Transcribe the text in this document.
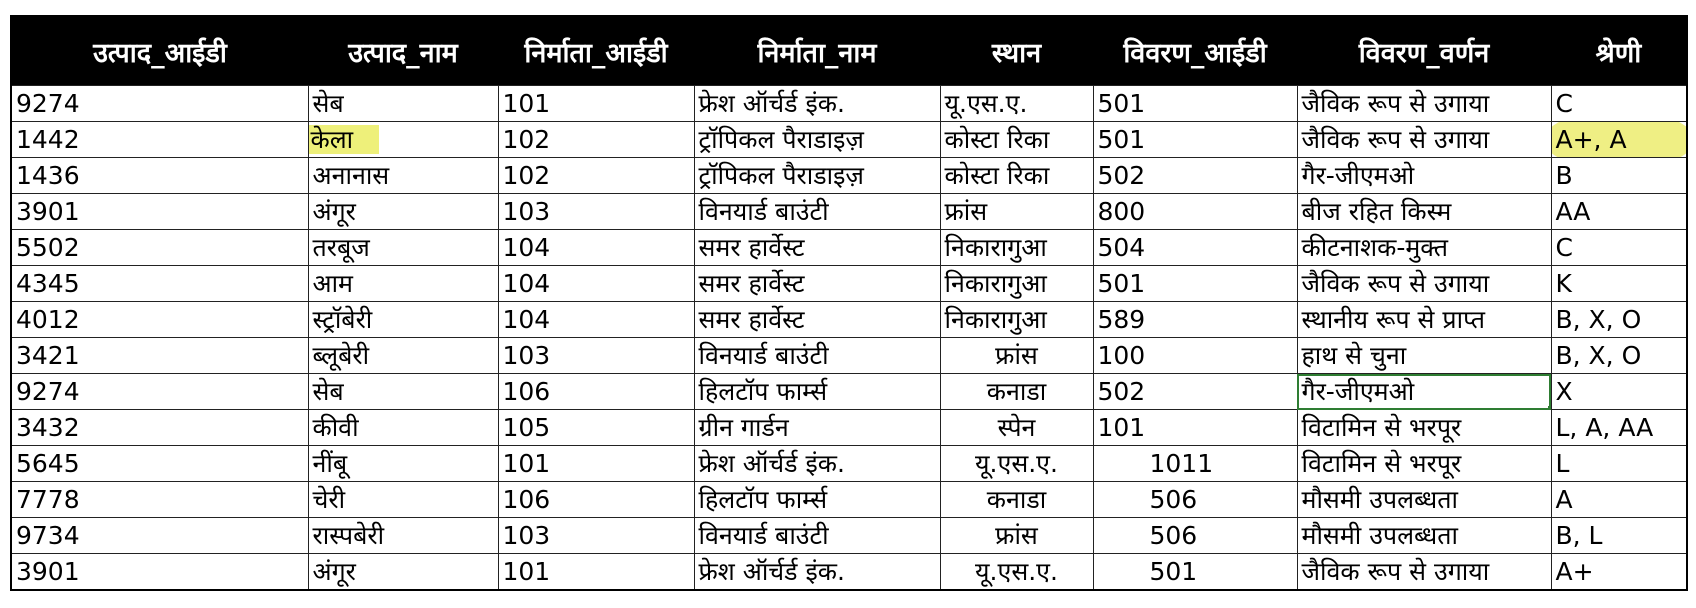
उत्पाद_आईडी	उत्पाद_नाम	निर्माता_आईडी	निर्माता_नाम	स्थान	विवरण_आईडी	विवरण_वर्णन	श्रेणी
9274	सेब	101	फ्रेश ऑर्चर्ड इंक.	यू.एस.ए.	501	जैविक रूप से उगाया	C
1442	केला	102	ट्रॉपिकल पैराडाइज़	कोस्टा रिका	501	जैविक रूप से उगाया	A+, A
1436	अनानास	102	ट्रॉपिकल पैराडाइज़	कोस्टा रिका	502	गैर-जीएमओ	B
3901	अंगूर	103	विनयार्ड बाउंटी	फ्रांस	800	बीज रहित किस्म	AA
5502	तरबूज	104	समर हार्वेस्ट	निकारागुआ	504	कीटनाशक-मुक्त	C
4345	आम	104	समर हार्वेस्ट	निकारागुआ	501	जैविक रूप से उगाया	K
4012	स्ट्रॉबेरी	104	समर हार्वेस्ट	निकारागुआ	589	स्थानीय रूप से प्राप्त	B, X, O
3421	ब्लूबेरी	103	विनयार्ड बाउंटी	फ्रांस	100	हाथ से चुना	B, X, O
9274	सेब	106	हिलटॉप फार्म्स	कनाडा	502	गैर-जीएमओ	X
3432	कीवी	105	ग्रीन गार्डन	स्पेन	101	विटामिन से भरपूर	L, A, AA
5645	नींबू	101	फ्रेश ऑर्चर्ड इंक.	यू.एस.ए.	1011	विटामिन से भरपूर	L
7778	चेरी	106	हिलटॉप फार्म्स	कनाडा	506	मौसमी उपलब्धता	A
9734	रास्पबेरी	103	विनयार्ड बाउंटी	फ्रांस	506	मौसमी उपलब्धता	B, L
3901	अंगूर	101	फ्रेश ऑर्चर्ड इंक.	यू.एस.ए.	501	जैविक रूप से उगाया	A+
